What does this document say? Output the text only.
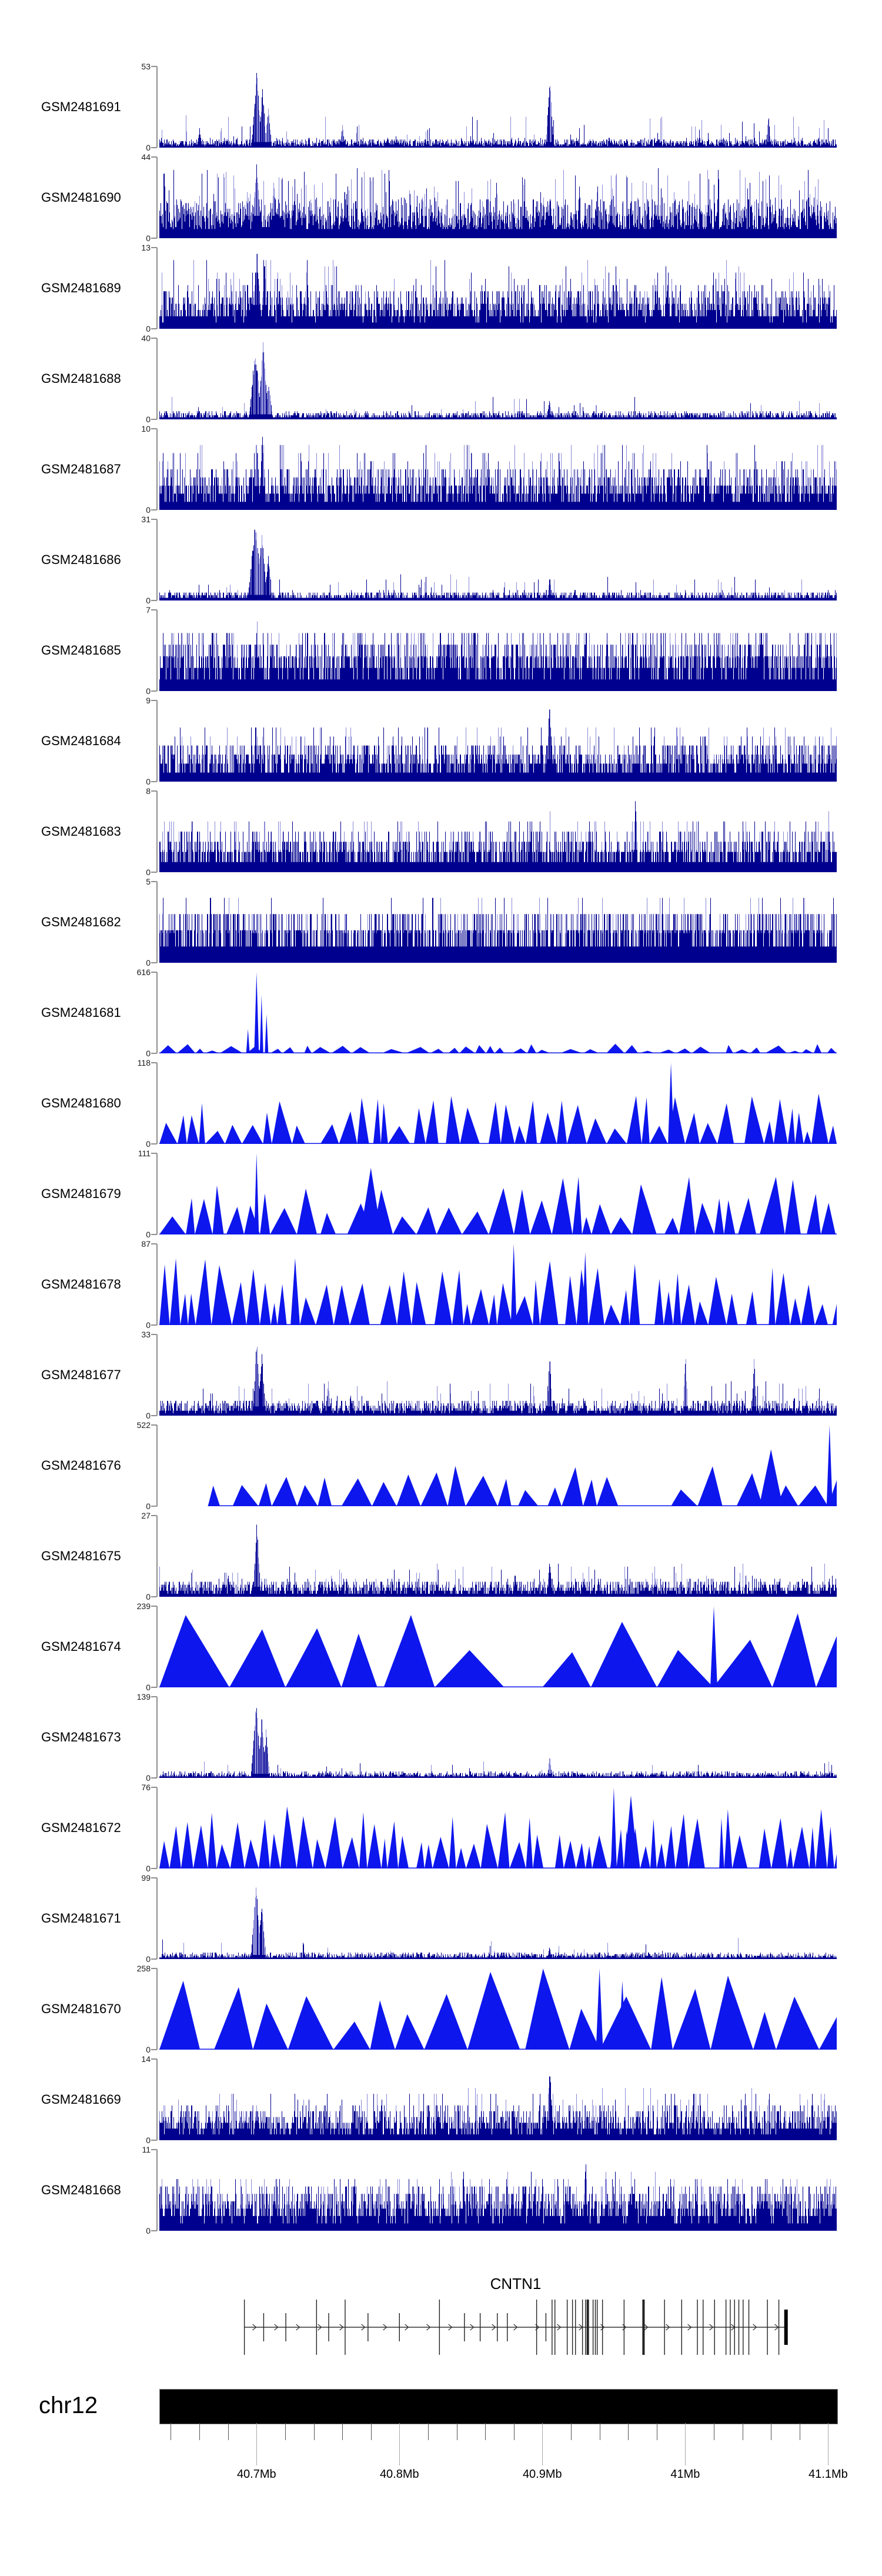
GSM2481691
53
0
GSM2481690
44
0
GSM2481689
13
0
GSM2481688
40
0
GSM2481687
10
0
GSM2481686
31
0
GSM2481685
7
0
GSM2481684
9
0
GSM2481683
8
0
GSM2481682
5
0
GSM2481681
616
0
GSM2481680
118
0
GSM2481679
111
0
GSM2481678
87
0
GSM2481677
33
0
GSM2481676
522
0
GSM2481675
27
0
GSM2481674
239
0
GSM2481673
139
0
GSM2481672
76
0
GSM2481671
99
0
GSM2481670
258
0
GSM2481669
14
0
GSM2481668
11
0
CNTN1
chr12
40.7Mb	40.8Mb	40.9Mb	41Mb	41.1Mb
